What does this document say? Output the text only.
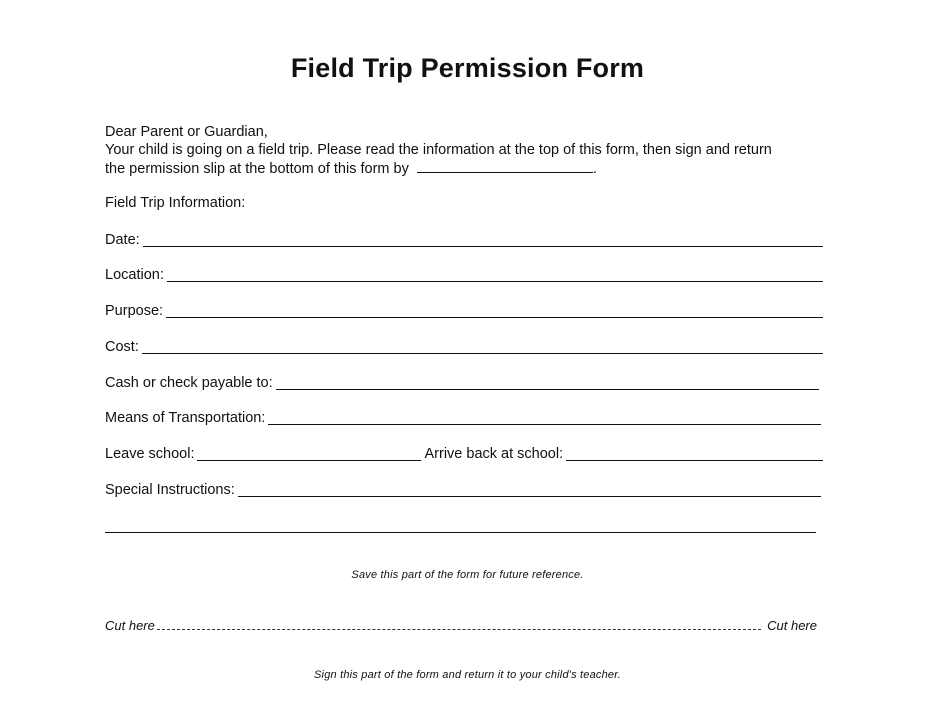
Field Trip Permission Form
Dear Parent or Guardian,
Your child is going on a field trip. Please read the information at the top of this form, then sign and return
the permission slip at the bottom of this form by	.
Field Trip Information:
Date:
Location:
Purpose:
Cost:
Cash or check payable to:
Means of Transportation:
Leave school:	Arrive back at school:
Special Instructions:
Save this part of the form for future reference.
Cut here	Cut here
Sign this part of the form and return it to your child's teacher.
